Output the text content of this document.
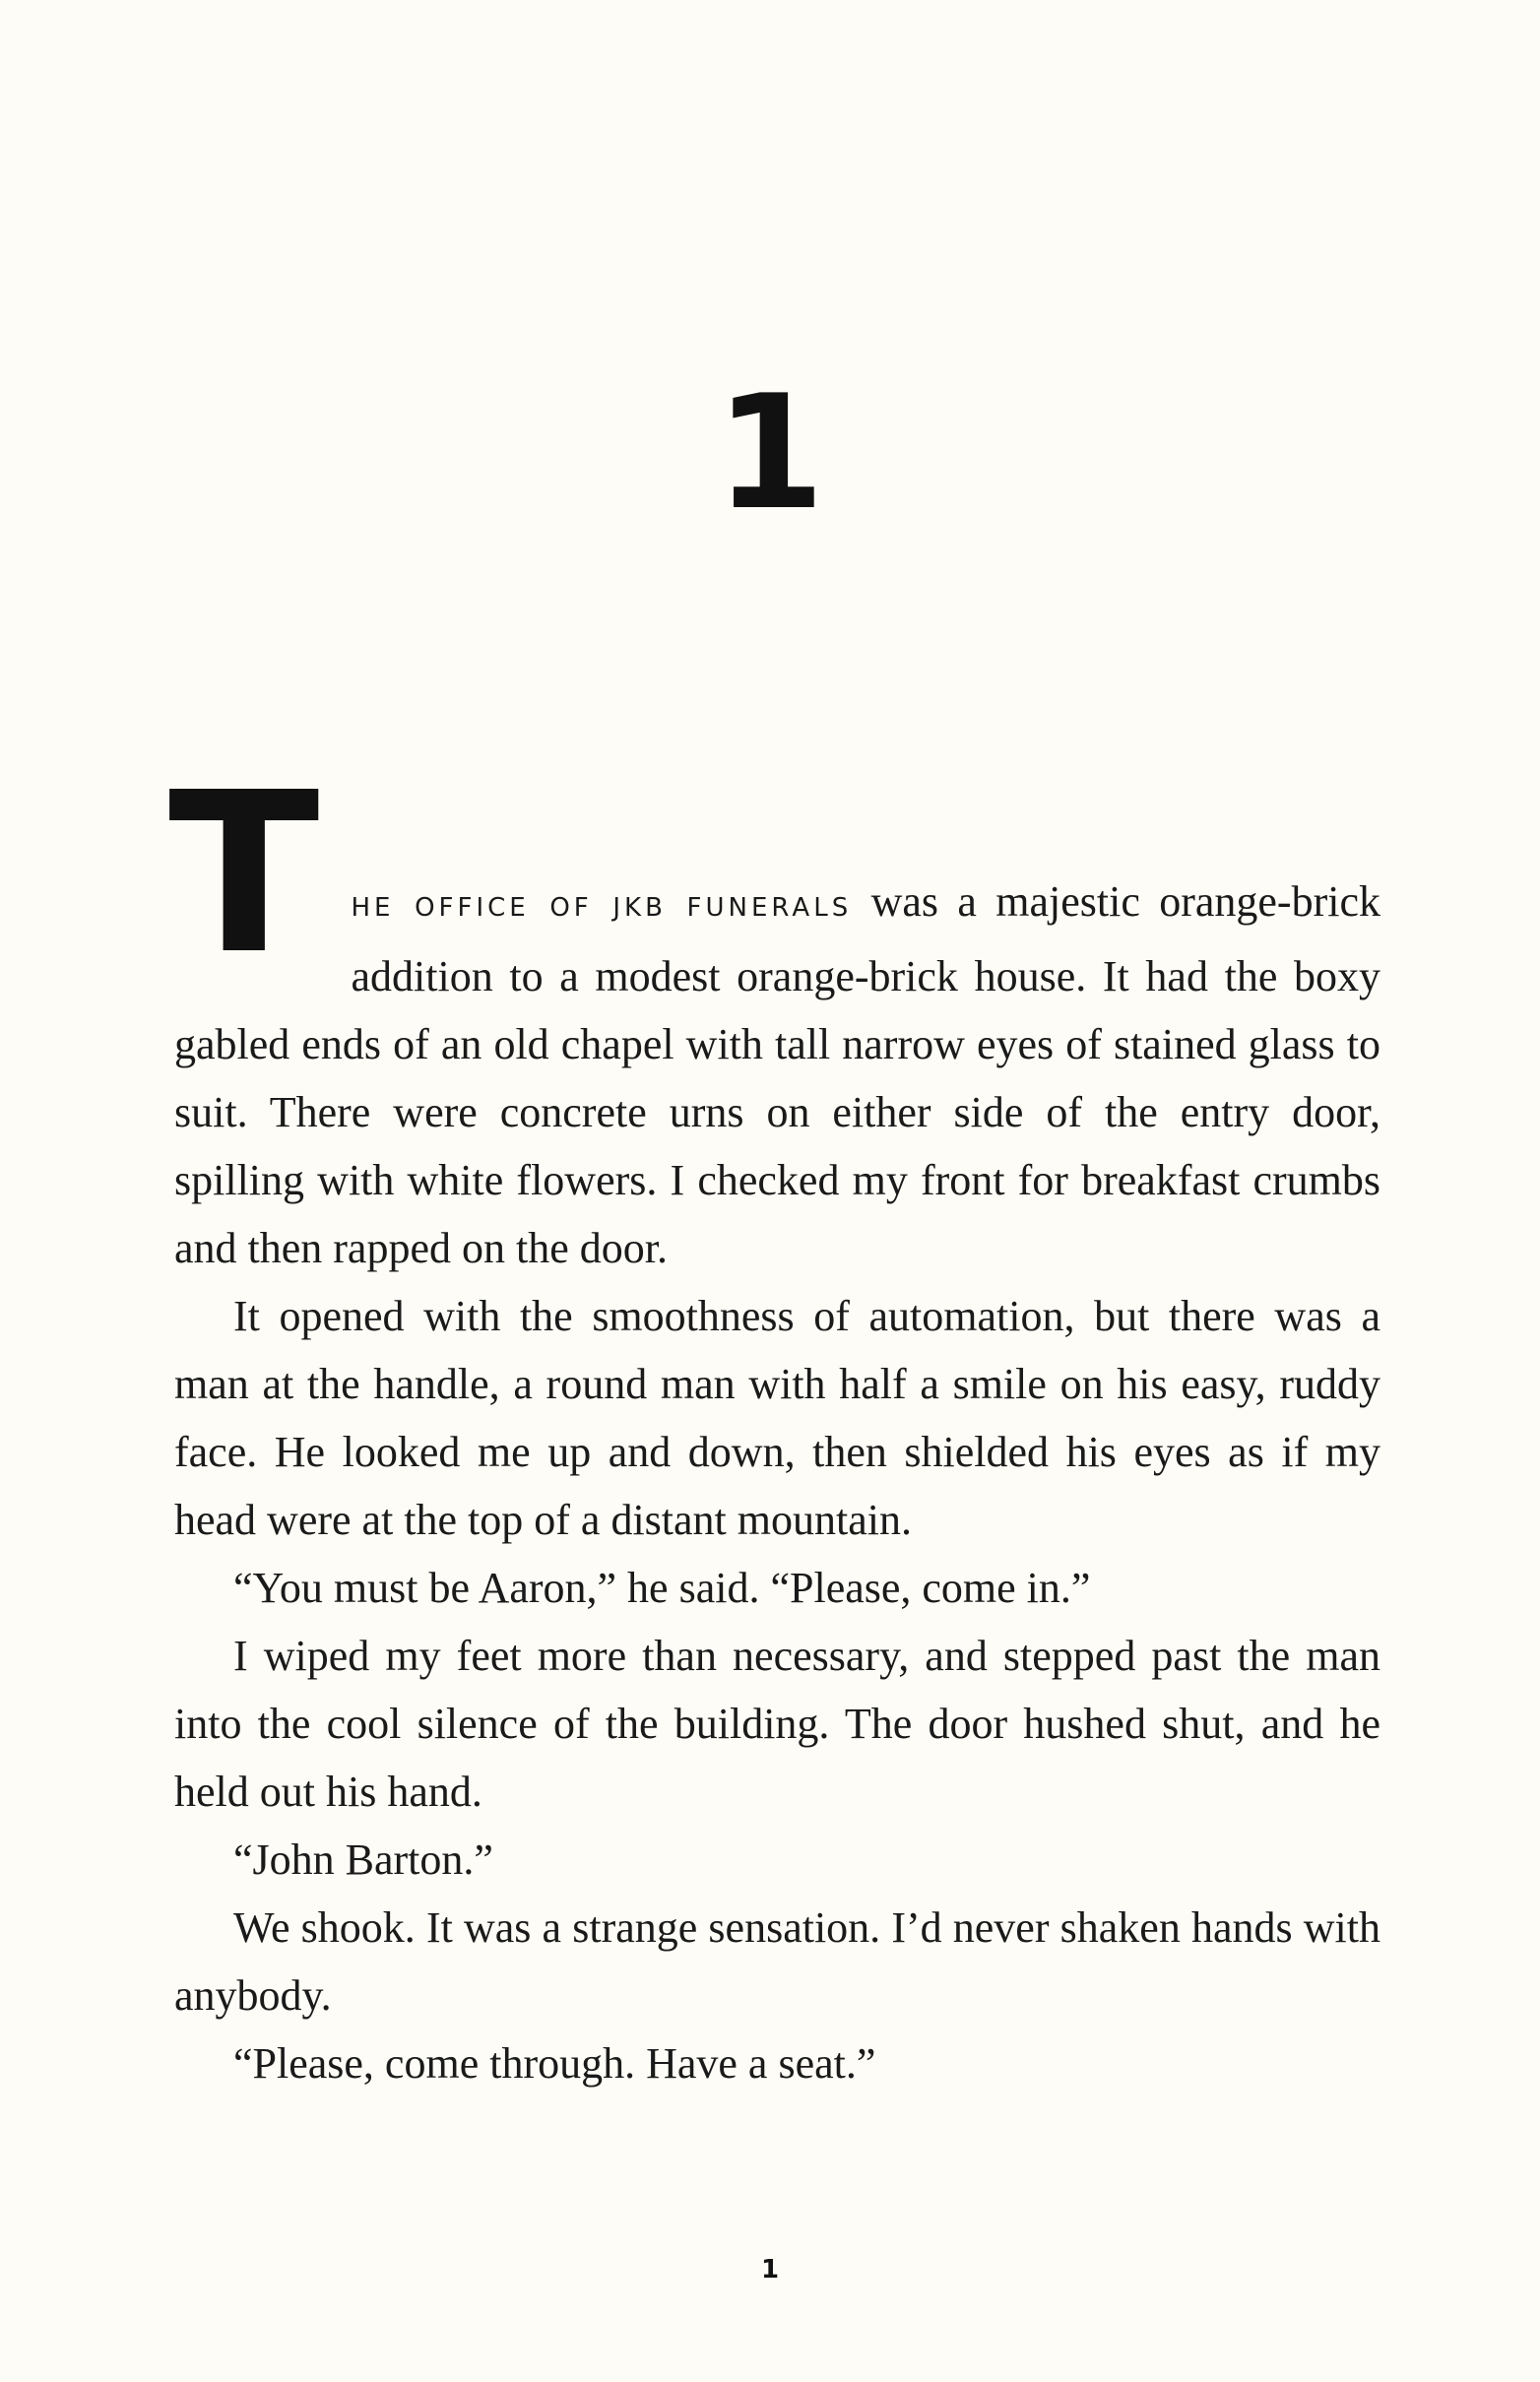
1
T	HE OFFICE OF JKB FUNERALS was a majestic orange-brick addition to a modest orange-brick house. It had the boxy gabled ends of an old chapel with tall narrow eyes of stained glass to suit. There were concrete urns on either side of the entry door, spilling with white flowers. I checked my front for breakfast crumbs and then rapped on the door.

It opened with the smoothness of automation, but there was a man at the handle, a round man with half a smile on his easy, ruddy face. He looked me up and down, then shielded his eyes as if my head were at the top of a distant mountain.

“You must be Aaron,” he said. “Please, come in.”

I wiped my feet more than necessary, and stepped past the man into the cool silence of the building. The door hushed shut, and he held out his hand.

“John Barton.”

We shook. It was a strange sensation. I’d never shaken hands with anybody.

“Please, come through. Have a seat.”

1
